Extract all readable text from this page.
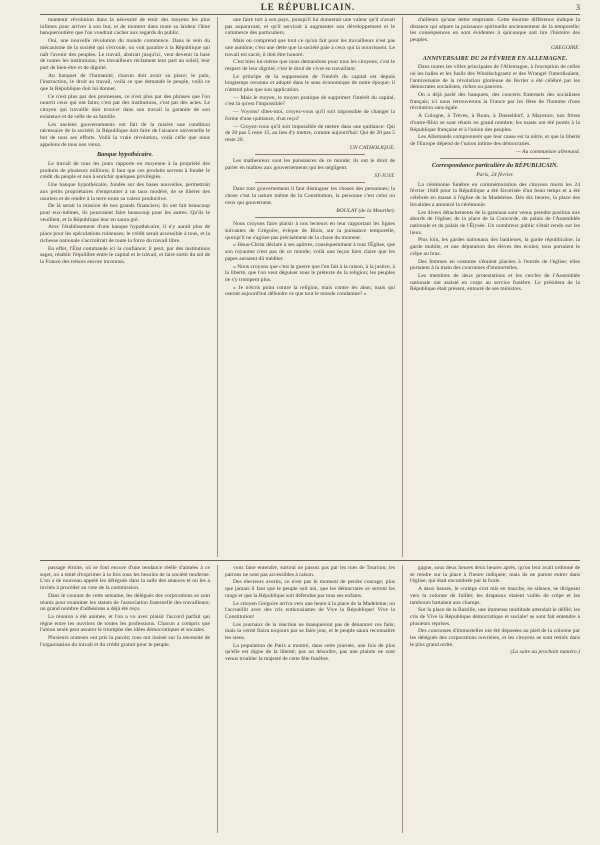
LE RÉPUBLICAIN.	3

mantenir révolution dans la nécessité de tenir des moyens les plus infimes pour arriver à son but, et de montrer dans toute sa laideur l'âme banqueroutière que l'on voudrait cacher aux regards du public.

Oui, une nouvelle révolution du monde commence. Dans le sein du mécanisme de la société qui s'écroule, on voit paraître à la République qui naît l'avenir des peuples. Le travail, abstrait jusqu'ici, veut devenir la base de toutes les institutions; les travailleurs réclament leur part au soleil, leur part de bien-être et de dignité.

Au banquet de l'humanité, chacun doit avoir sa place; le pain, l'instruction, le droit au travail, voilà ce que demande le peuple, voilà ce que la République doit lui donner.

Ce n'est plus par des promesses, ce n'est plus par des phrases que l'on nourrit ceux qui ont faim; c'est par des institutions, c'est par des actes. Le citoyen qui travaille doit trouver dans son travail la garantie de son existence et de celle de sa famille.

Les anciens gouvernements ont fait de la misère une condition nécessaire de la société; la République doit faire de l'aisance universelle le but de tous ses efforts. Voilà la vraie révolution, voilà celle que nous appelons de tous nos vœux.

Banque hypothécaire.

Le travail de tous les jours rapporte en moyenne à la propriété des produits de plusieurs millions; il faut que ces produits servent à fonder le crédit du peuple et non à enrichir quelques privilégiés.

Une banque hypothécaire, fondée sur des bases nouvelles, permettrait aux petits propriétaires d'emprunter à un taux modéré, de se libérer des usuriers et de rendre à la terre toute sa valeur productive.

De là serait la mission de nos grands financiers; ils ont fait beaucoup pour eux-mêmes, ils pourraient faire beaucoup pour les autres. Qu'ils le veuillent, et la République leur en saura gré.

Avec l'établissement d'une banque hypothécaire, il n'y aurait plus de place pour les spéculations ruineuses; le crédit serait accessible à tous, et la richesse nationale s'accroîtrait de toute la force du travail libre.

En effet, l'État commande ici la confiance; il peut, par des institutions sages, rétablir l'équilibre entre le capital et le travail, et faire sortir du sol de la France des trésors encore inconnus.

une faire tort à son pays, puisqu'il lui donnerait une valeur qu'il n'avait pas auparavant, et qu'il servirait à augmenter son développement et le commerce des particuliers.

Mais on comprend que tout ce qu'on fait pour les travailleurs n'est pas une aumône; c'est une dette que la société paie à ceux qui la nourrissent. Le travail est sacré, il doit être honoré.

C'est bien lui-même que nous demandons pour tous les citoyens; c'est le respect de leur dignité, c'est le droit de vivre en travaillant.

Le principe de la suppression de l'intérêt du capital est depuis longtemps reconnu et adopté dans le sens économique de notre époque; il n'attend plus que son application.

— Mais le moyen, le moyen pratique de supprimer l'intérêt du capital, c'est là qu'est l'impossible?

— Voyons! dites-moi, croyez-vous qu'il soit impossible de changer la forme d'une quittance, d'un reçu?

— Croyez-vous qu'il soit impossible de mettre dans une quittance: Qui de 20 pas 5 reste 15, au lieu d'y mettre, comme aujourd'hui: Qui de 20 pas 5 reste 20.

UN CATHOLIQUE.

Les malheureux sont les puissances de ce monde; ils ont le droit de parler en maîtres aux gouvernements qui les négligent.

ST-JUST.

Dans tout gouvernement il faut distinguer les choses des personnes; la chose c'est la nature même de la Constitution, la personne c'est celui ou ceux qui gouvernent.

BOULAY (de la Meurthe).

Nous croyons faire plaisir à nos lecteurs en leur rapportant les lignes suivantes de Grégoire, évêque de Blois, sur la puissance temporelle, quoiqu'il ne s'agisse pas précisément de la chose du moment.

« Jésus-Christ déclare à ses apôtres, conséquemment à tout l'Église, que son royaume n'est pas de ce monde; voilà une leçon bien claire que les papes auraient dû méditer.

« Nous croyons que c'est la guerre que l'on fait à la raison, à la justice, à la liberté, que l'on veut déguiser sous le prétexte de la religion; les peuples ne s'y trompent plus.

« Je n'écris point contre la religion, mais contre les abus; mais qui oserait aujourd'hui défendre ce que tout le monde condamne? »

d'ailleurs qu'une lettre emprunte. Cette énorme différence indique la distance qui sépare la puissance spirituelle anciennement de la temporelle; les conséquences en sont évidentes à quiconque sait lire l'histoire des peuples.

GREGOIRE.

ANNIVERSAIRE DU 24 FÉVRIER EN ALLEMAGNE.

Dans toutes les villes principales de l'Allemagne, à l'exception de celles où les balles et les fusils des Windischgraetz et des Wrangel l'interdisaient, l'anniversaire de la révolution glorieuse de février a été célébré par les démocrates socialistes, riches ou pauvres.

On a déjà parlé des banquets, des concerts fraternels des socialistes français; ici nous retrouverons la France par les fêtes de l'homme d'une révolution sans égale.

A Cologne, à Trèves, à Bonn, à Dusseldorf, à Mayence, nos frères d'outre-Rhin se sont réunis en grand nombre; les toasts ont été portés à la République française et à l'union des peuples.

Les Allemands comprennent que leur cause est la nôtre, et que la liberté de l'Europe dépend de l'union intime des démocraties.

— Au communiste allemand.

Correspondance particulière du RÉPUBLICAIN.

Paris, 24 février.

La cérémonie funèbre en commémoration des citoyens morts les 24 février 1848 pour la République a été favorisée d'un beau temps et a été célébrée en masse à l'église de la Madeleine. Dès dix heures, la place des Invalides a annoncé la cérémonie.

Les divers détachements de la garnison sont venus prendre position aux abords de l'église; de la place de la Concorde, du palais de l'Assemblée nationale et du palais de l'Élysée. Un nombreux public s'était rendu sur les lieux.

Plus loin, les gardes nationaux des banlieues, la garde républicaine, la garde mobile, et une députation des élèves des écoles; tous portaient le crêpe au bras.

Des femmes en costume s'étaient placées à l'entrée de l'église; elles portaient à la main des couronnes d'immortelles.

Les membres de deux protestations et les cercles de l'Assemblée nationale ont assisté en corps au service funèbre. Le président de la République était présent, entouré de ses ministres.

passage étroite, où se font encore d'une tendance réelle d'aimées à ce sujet, on a tenté d'exprimer à la fois tous les besoins de la société moderne. L'on a de nouveau appelé les délégués dans la salle des séances et on les a invités à procéder au vote de la commission.

Dans le courant de cette semaine, les délégués des corporations se sont réunis pour examiner les statuts de l'association fraternelle des travailleurs; un grand nombre d'adhésions a déjà été reçu.

La réunion a été animée, et l'on a vu avec plaisir l'accord parfait qui règne entre les ouvriers de toutes les professions. Chacun a compris que l'union seule peut assurer le triomphe des idées démocratiques et sociales.

Plusieurs orateurs ont pris la parole; tous ont insisté sur la nécessité de l'organisation du travail et du crédit gratuit pour le peuple.

vous faire entendre, surtout ne passez pas par les rues de Tournon; les patrons ne sont pas accessibles à raison.

Des électeurs avertis, ce n'est pas le moment de perdre courage; plus que jamais il faut que le peuple soit uni, que les démocrates se serrent les rangs et que la République soit défendue par tous ses enfants.

Le citoyen Grégoire arriva vers une heure à la place de la Madeleine; on l'accueillit avec des cris enthousiastes de Vive la République! Vive la Constitution!

Les journaux de la réaction ne manqueront pas de dénaturer ces faits; mais la vérité finira toujours par se faire jour, et le peuple saura reconnaître les siens.

La population de Paris a montré, dans cette journée, une fois de plus qu'elle est digne de la liberté; pas un désordre, pas une plainte ne sont venus troubler la majesté de cette fête funèbre.

gagne, sous deux heures deux heures après, qu'on leur avait ordonné de se rendre sur la place à l'heure indiquée; mais ils ne purent entrer dans l'église, qui était encombrée par la foule.

A deux heures, le cortège s'est mis en marche, en silence, se dirigeant vers la colonne de Juillet; les drapeaux étaient voilés de crêpe et les tambours battaient aux champs.

Sur la place de la Bastille, une immense multitude attendait le défilé; les cris de Vive la République démocratique et sociale! se sont fait entendre à plusieurs reprises.

Des couronnes d'immortelles ont été déposées au pied de la colonne par les délégués des corporations ouvrières, et les citoyens se sont retirés dans le plus grand ordre.

(La suite au prochain numéro.)
